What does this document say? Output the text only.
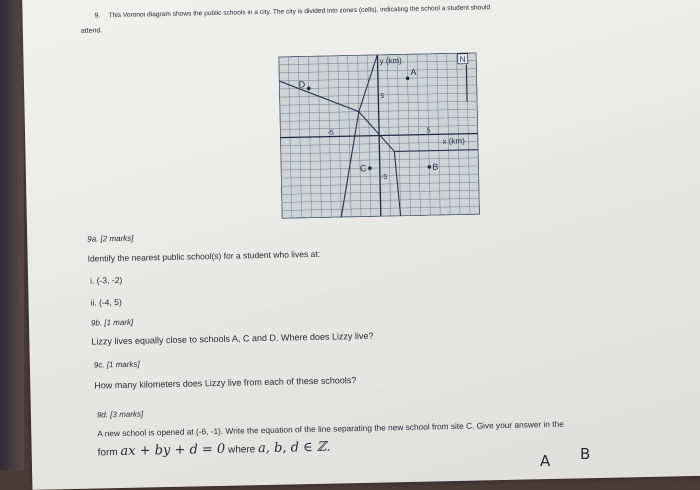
9. This Voronoi diagram shows the public schools in a city. The city is divided into zones (cells), indicating the school a student should
attend.
y (km)
x (km)
5
-5
-5	5
N
A
B
C
D
9a. [2 marks]
Identify the nearest public school(s) for a student who lives at:
i. (-3, -2)
ii. (-4, 5)
9b. [1 mark]
Lizzy lives equally close to schools A, C and D. Where does Lizzy live?
9c. [1 marks]
How many kilometers does Lizzy live from each of these schools?
9d. [3 marks]
A new school is opened at (-6, -1). Write the equation of the line separating the new school from site C. Give your answer in the
form ax + by + d = 0 where a, b, d ∈ ℤ.
A B
